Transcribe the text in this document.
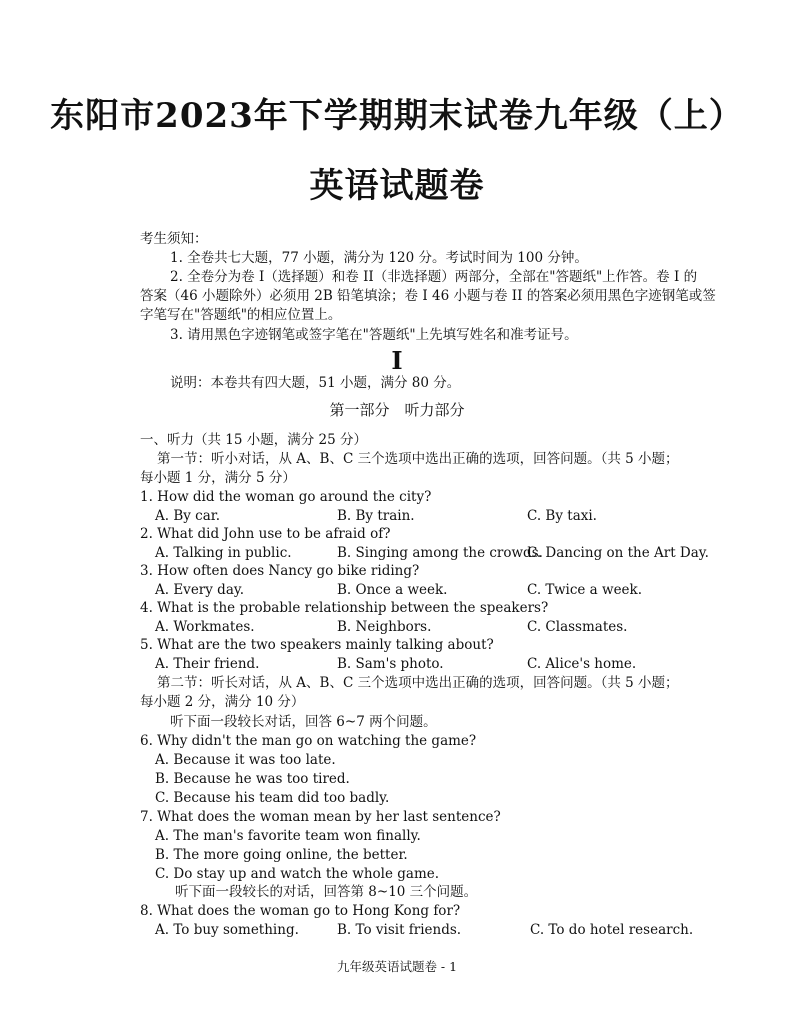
东阳市2023年下学期期末试卷九年级（上）
英语试题卷
考生须知：
1. 全卷共七大题，77 小题，满分为 120 分。考试时间为 100 分钟。
2. 全卷分为卷 I（选择题）和卷 II（非选择题）两部分，全部在"答题纸"上作答。卷 I 的
答案（46 小题除外）必须用 2B 铅笔填涂；卷 I 46 小题与卷 II 的答案必须用黑色字迹钢笔或签
字笔写在"答题纸"的相应位置上。
3. 请用黑色字迹钢笔或签字笔在"答题纸"上先填写姓名和准考证号。
I
说明：本卷共有四大题，51 小题，满分 80 分。
第一部分　听力部分
一、听力（共 15 小题，满分 25 分）
第一节：听小对话，从 A、B、C 三个选项中选出正确的选项，回答问题。（共 5 小题；
每小题 1 分，满分 5 分）
1. How did the woman go around the city?
A. By car.	B. By train.	C. By taxi.
2. What did John use to be afraid of?
A. Talking in public.	B. Singing among the crowds.
C. Dancing on the Art Day.
3. How often does Nancy go bike riding?
A. Every day.	B. Once a week.	C. Twice a week.
4. What is the probable relationship between the speakers?
A. Workmates.	B. Neighbors.	C. Classmates.
5. What are the two speakers mainly talking about?
A. Their friend.	B. Sam's photo.	C. Alice's home.
第二节：听长对话，从 A、B、C 三个选项中选出正确的选项，回答问题。（共 5 小题；
每小题 2 分，满分 10 分）
听下面一段较长对话，回答 6~7 两个问题。
6. Why didn't the man go on watching the game?
A. Because it was too late.
B. Because he was too tired.
C. Because his team did too badly.
7. What does the woman mean by her last sentence?
A. The man's favorite team won finally.
B. The more going online, the better.
C. Do stay up and watch the whole game.
听下面一段较长的对话，回答第 8~10 三个问题。
8. What does the woman go to Hong Kong for?
A. To buy something.	B. To visit friends.	C. To do hotel research.
九年级英语试题卷 - 1
